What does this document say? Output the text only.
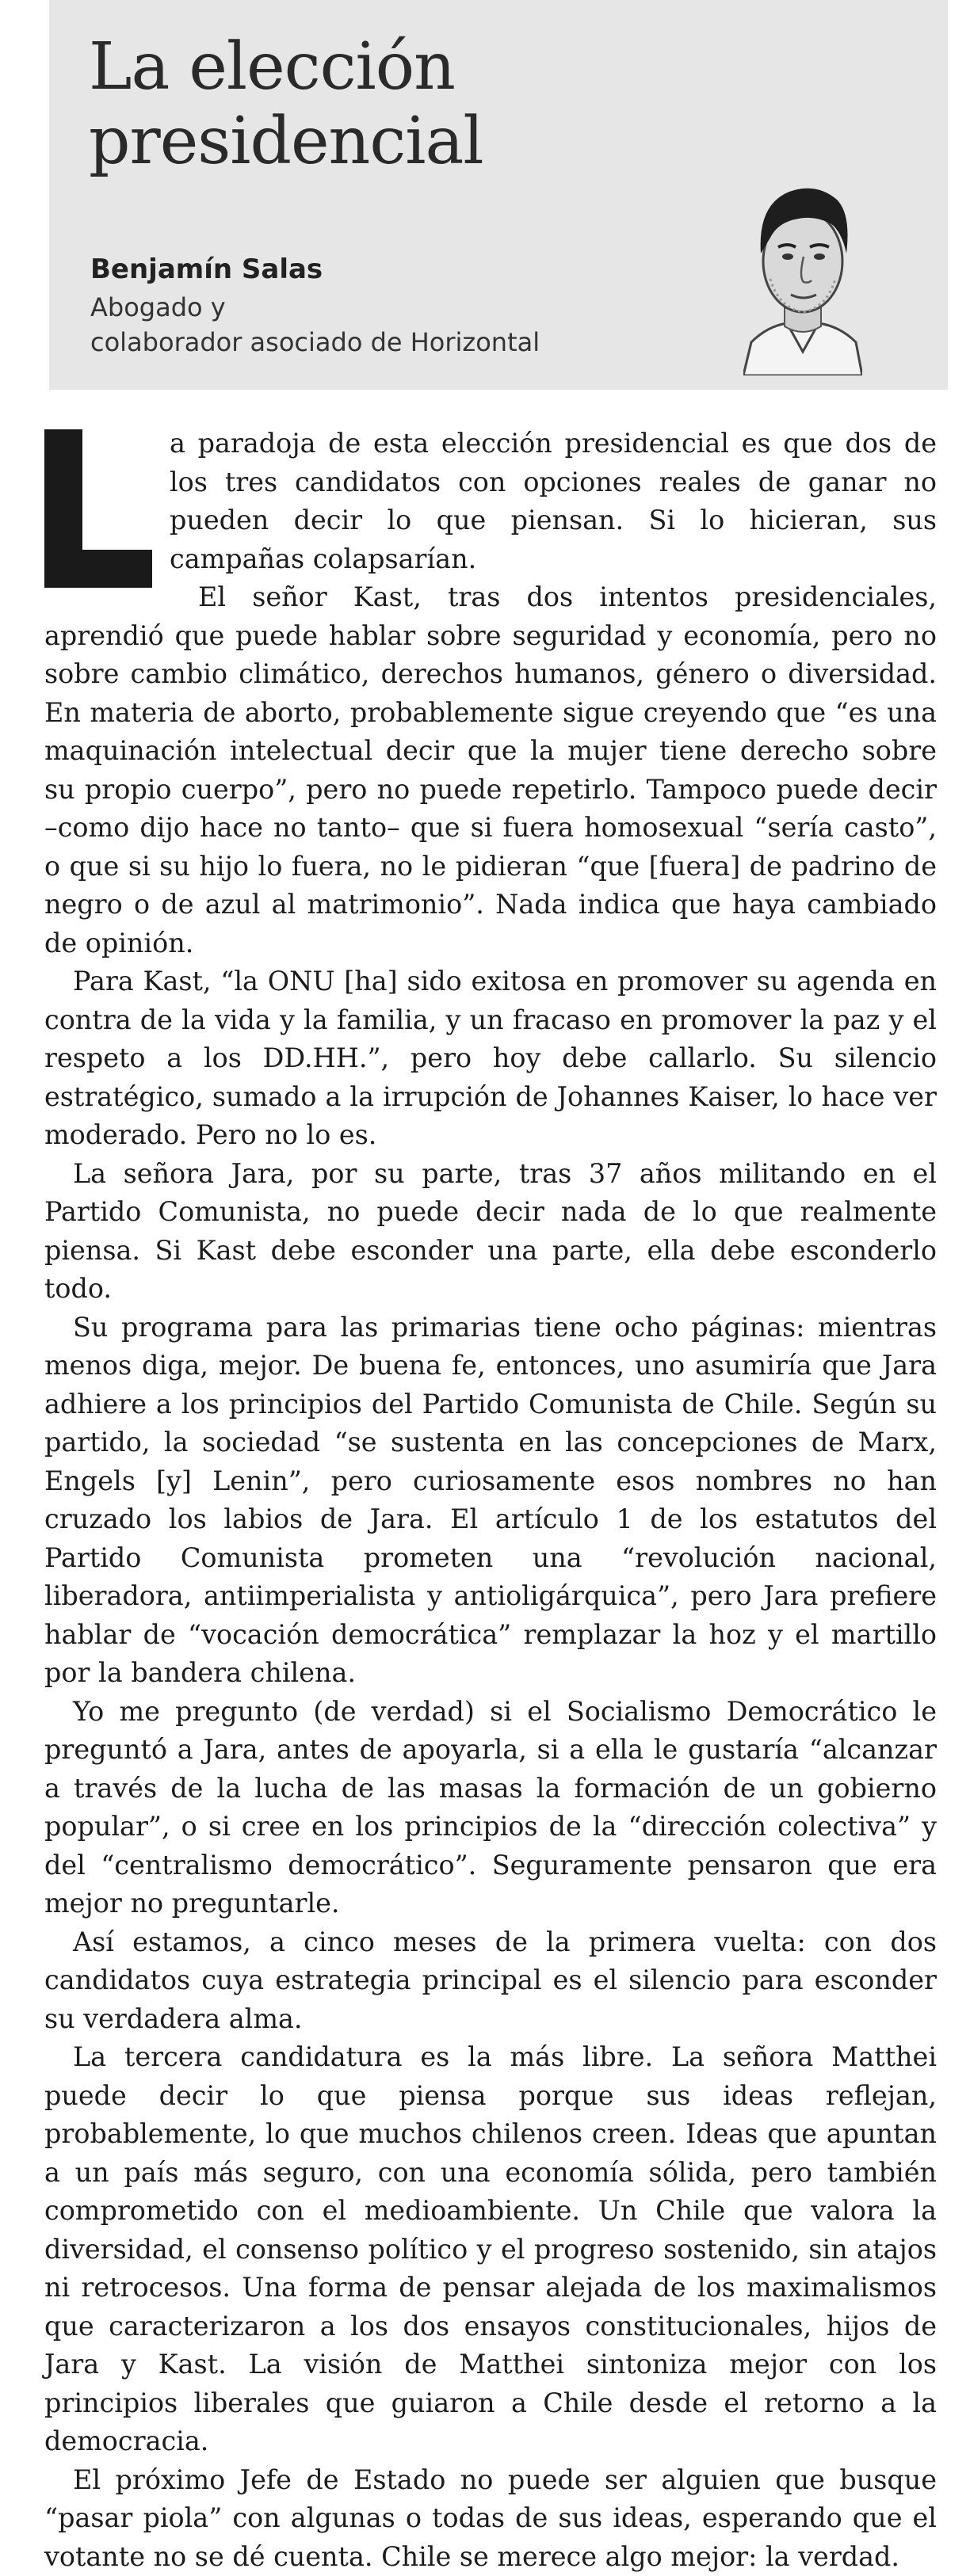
La elección
presidencial
Benjamín Salas
Abogado y
colaborador asociado de Horizontal
L

a paradoja de esta elección presidencial es que dos de los tres candidatos con opciones reales de ganar no pueden decir lo que piensan. Si lo hicieran, sus campañas colapsarían.

El señor Kast, tras dos intentos presidenciales, aprendió que puede hablar sobre seguridad y economía, pero no sobre cambio climático, derechos humanos, género o diversidad. En materia de aborto, probablemente sigue creyendo que “es una maquinación intelectual decir que la mujer tiene derecho sobre su propio cuerpo”, pero no puede repetirlo. Tampoco puede decir –como dijo hace no tanto– que si fuera homosexual “sería casto”, o que si su hijo lo fuera, no le pidieran “que [fuera] de padrino de negro o de azul al matrimonio”. Nada indica que haya cambiado de opinión.

Para Kast, “la ONU [ha] sido exitosa en promover su agenda en contra de la vida y la familia, y un fracaso en promover la paz y el respeto a los DD.HH.”, pero hoy debe callarlo. Su silencio estratégico, sumado a la irrupción de Johannes Kaiser, lo hace ver moderado. Pero no lo es.

La señora Jara, por su parte, tras 37 años militando en el Partido Comunista, no puede decir nada de lo que realmente piensa. Si Kast debe esconder una parte, ella debe esconderlo todo.

Su programa para las primarias tiene ocho páginas: mientras menos diga, mejor. De buena fe, entonces, uno asumiría que Jara adhiere a los principios del Partido Comunista de Chile. Según su partido, la sociedad “se sustenta en las concepciones de Marx, Engels [y] Lenin”, pero curiosamente esos nombres no han cruzado los labios de Jara. El artículo 1 de los estatutos del Partido Comunista prometen una “revolución nacional, liberadora, antiimperialista y antioligárquica”, pero Jara prefiere hablar de “vocación democrática” remplazar la hoz y el martillo por la bandera chilena.

Yo me pregunto (de verdad) si el Socialismo Democrático le preguntó a Jara, antes de apoyarla, si a ella le gustaría “alcanzar a través de la lucha de las masas la formación de un gobierno popular”, o si cree en los principios de la “dirección colectiva” y del “centralismo democrático”. Seguramente pensaron que era mejor no preguntarle.

Así estamos, a cinco meses de la primera vuelta: con dos candidatos cuya estrategia principal es el silencio para esconder su verdadera alma.

La tercera candidatura es la más libre. La señora Matthei puede decir lo que piensa porque sus ideas reflejan, probablemente, lo que muchos chilenos creen. Ideas que apuntan a un país más seguro, con una economía sólida, pero también comprometido con el medioambiente. Un Chile que valora la diversidad, el consenso político y el progreso sostenido, sin atajos ni retrocesos. Una forma de pensar alejada de los maximalismos que caracterizaron a los dos ensayos constitucionales, hijos de Jara y Kast. La visión de Matthei sintoniza mejor con los principios liberales que guiaron a Chile desde el retorno a la democracia.

El próximo Jefe de Estado no puede ser alguien que busque “pasar piola” con algunas o todas de sus ideas, esperando que el votante no se dé cuenta. Chile se merece algo mejor: la verdad.
